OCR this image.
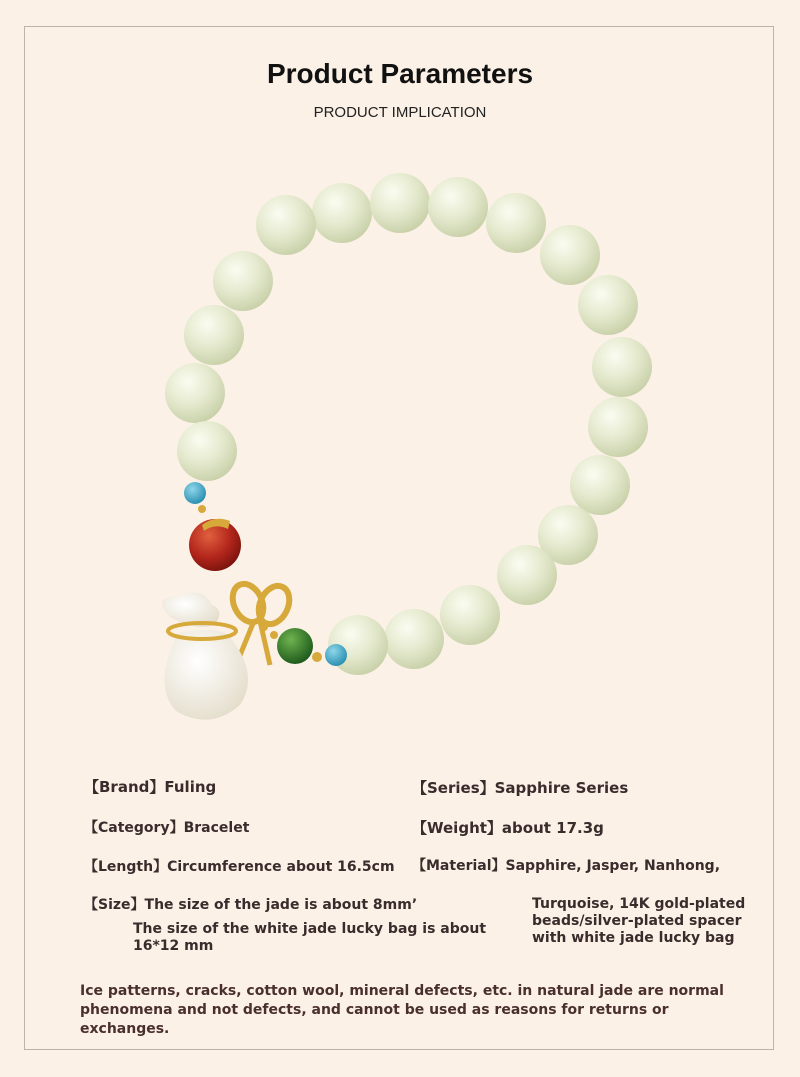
Product Parameters
PRODUCT IMPLICATION
【Brand】Fuling	【Series】Sapphire Series
【Category】Bracelet	【Weight】about 17.3g
【Length】Circumference about 16.5cm 【Material】Sapphire, Jasper, Nanhong,
【Size】The size of the jade is about 8mm’	Turquoise, 14K gold-plated beads/silver-plated spacer with white jade lucky bag
The size of the white jade lucky bag is about 16*12 mm
Ice patterns, cracks, cotton wool, mineral defects, etc. in natural jade are normal phenomena and not defects, and cannot be used as reasons for returns or exchanges.
